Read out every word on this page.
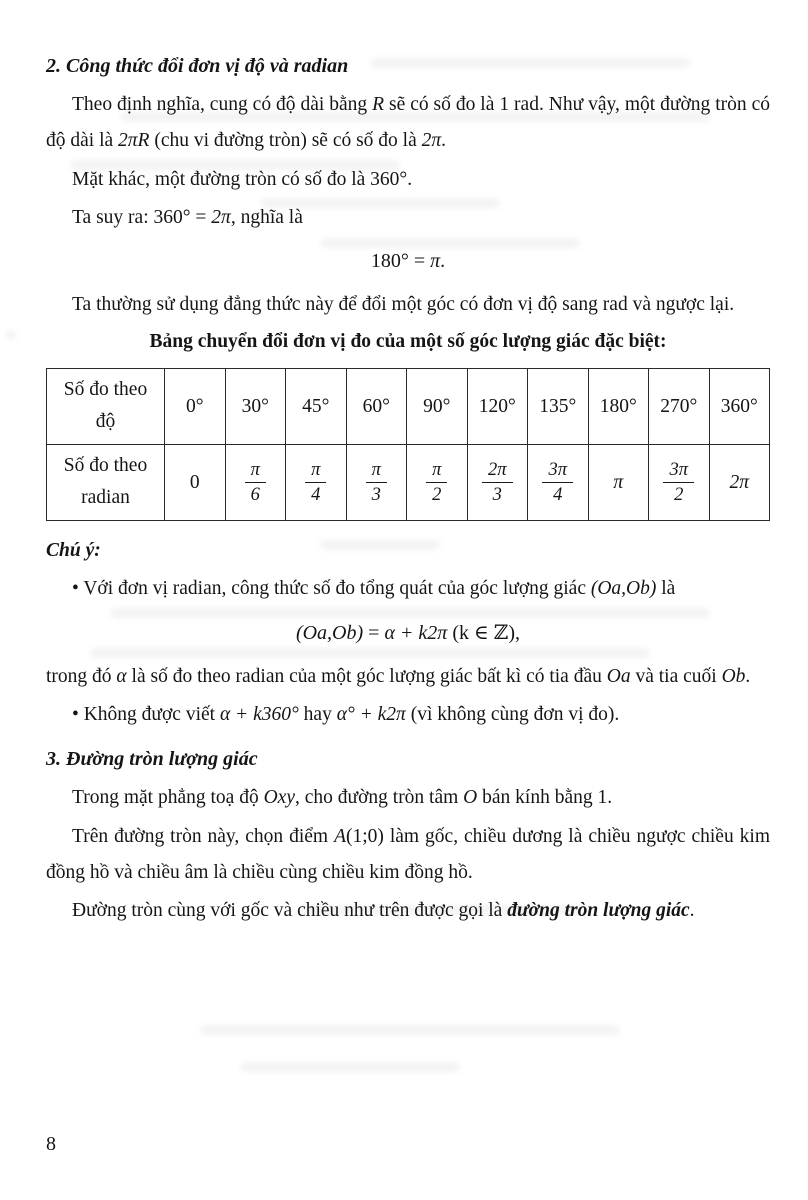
2. Công thức đổi đơn vị độ và radian

Theo định nghĩa, cung có độ dài bằng R sẽ có số đo là 1 rad. Như vậy, một đường tròn có độ dài là 2πR (chu vi đường tròn) sẽ có số đo là 2π.

Mặt khác, một đường tròn có số đo là 360°.

Ta suy ra: 360° = 2π, nghĩa là

180° = π.

Ta thường sử dụng đẳng thức này để đổi một góc có đơn vị độ sang rad và ngược lại.

Bảng chuyển đổi đơn vị đo của một số góc lượng giác đặc biệt:

Số đo theo
độ	0°	30°	45°	60°	90°	120°	135°	180°	270°	360°

Số đo theo
radian
	0	$\frac{\pi}{6}$	$\frac{\pi}{4}$	$\frac{\pi}{3}$	$\frac{\pi}{2}$	$\frac{2\pi}{3}$	$\frac{3\pi}{4}$	π	$\frac{3\pi}{2}$	2π
Chú ý:

• Với đơn vị radian, công thức số đo tổng quát của góc lượng giác (Oa,Ob) là

(Oa,Ob) = α + k2π (k ∈ ℤ),

trong đó α là số đo theo radian của một góc lượng giác bất kì có tia đầu Oa và tia cuối Ob.

• Không được viết α + k360° hay α° + k2π (vì không cùng đơn vị đo).

3. Đường tròn lượng giác

Trong mặt phẳng toạ độ Oxy, cho đường tròn tâm O bán kính bằng 1.

Trên đường tròn này, chọn điểm A(1;0) làm gốc, chiều dương là chiều ngược chiều kim đồng hồ và chiều âm là chiều cùng chiều kim đồng hồ.

Đường tròn cùng với gốc và chiều như trên được gọi là đường tròn lượng giác.

8
